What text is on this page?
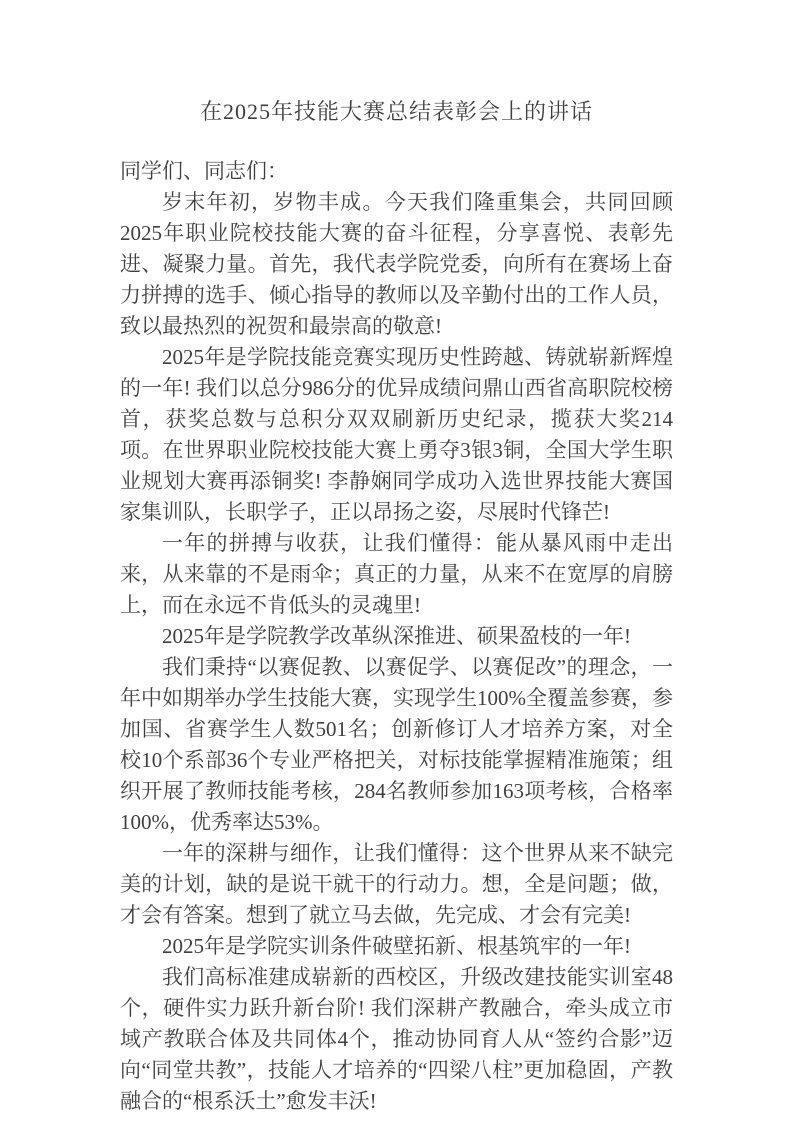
在2025年技能大赛总结表彰会上的讲话

同学们、同志们：

岁末年初，岁物丰成。今天我们隆重集会，共同回顾2025年职业院校技能大赛的奋斗征程，分享喜悦、表彰先进、凝聚力量。首先，我代表学院党委，向所有在赛场上奋力拼搏的选手、倾心指导的教师以及辛勤付出的工作人员，致以最热烈的祝贺和最崇高的敬意!

2025年是学院技能竞赛实现历史性跨越、铸就崭新辉煌的一年! 我们以总分986分的优异成绩问鼎山西省高职院校榜首，获奖总数与总积分双双刷新历史纪录，揽获大奖214项。在世界职业院校技能大赛上勇夺3银3铜，全国大学生职业规划大赛再添铜奖! 李静娴同学成功入选世界技能大赛国家集训队，长职学子，正以昂扬之姿，尽展时代锋芒!

一年的拼搏与收获，让我们懂得：能从暴风雨中走出来，从来靠的不是雨伞；真正的力量，从来不在宽厚的肩膀上，而在永远不肯低头的灵魂里!

2025年是学院教学改革纵深推进、硕果盈枝的一年!

我们秉持“以赛促教、以赛促学、以赛促改”的理念，一年中如期举办学生技能大赛，实现学生100%全覆盖参赛，参加国、省赛学生人数501名；创新修订人才培养方案，对全校10个系部36个专业严格把关，对标技能掌握精准施策；组织开展了教师技能考核，284名教师参加163项考核，合格率100%，优秀率达53%。

一年的深耕与细作，让我们懂得：这个世界从来不缺完美的计划，缺的是说干就干的行动力。想，全是问题；做，才会有答案。想到了就立马去做，先完成、才会有完美!

2025年是学院实训条件破壁拓新、根基筑牢的一年!

我们高标准建成崭新的西校区，升级改建技能实训室48个，硬件实力跃升新台阶! 我们深耕产教融合，牵头成立市域产教联合体及共同体4个，推动协同育人从“签约合影”迈向“同堂共教”，技能人才培养的“四梁八柱”更加稳固，产教融合的“根系沃土”愈发丰沃!
